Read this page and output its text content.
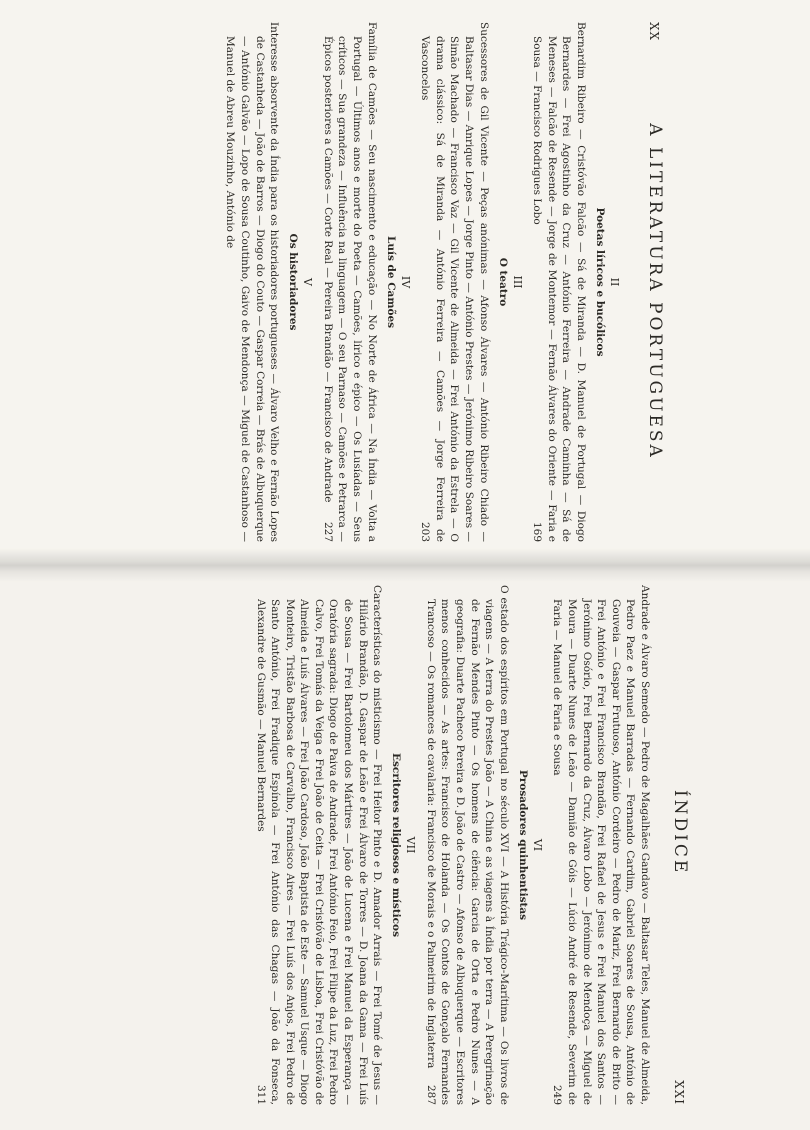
XX
A LITERATURA PORTUGUESA
II
Poetas líricos e bucólicos
Bernardim Ribeiro — Cristóvão Falcão — Sá de Miranda — D. Manuel de Portugal — Diogo Bernardes — Frei Agostinho da Cruz — António Ferreira — Andrade Caminha — Sá de Meneses — Falcão de Resende — Jorge de Montemor — Fernão Álvares do Oriente — Faria e Sousa — Francisco Rodrigues Lobo
169
III
O teatro
Sucessores de Gil Vicente — Peças anónimas — Afonso Álvares — António Ribeiro Chiado — Baltasar Dias — Anrique Lopes — Jorge Pinto — António Prestes — Jerónimo Ribeiro Soares — Simão Machado — Francisco Vaz — Gil Vicente de Almeida — Frei António da Estrela — O drama clássico: Sá de Miranda — António Ferreira — Camões — Jorge Ferreira de Vasconcelos
203
IV
Luís de Camões
Família de Camões — Seu nascimento e educação — No Norte de África — Na Índia — Volta a Portugal — Últimos anos e morte do Poeta — Camões, lírico e épico — Os Lusíadas — Seus críticos — Sua grandeza — Influência na linguagem — O seu Parnaso — Camões e Petrarca — Épicos posteriores a Camões — Corte Real — Pereira Brandão — Francisco de Andrade
227
V
Os historiadores
Interesse absorvente da Índia para os historiadores portugueses — Álvaro Velho e Fernão Lopes de Castanheda — João de Barros — Diogo do Couto — Gaspar Correia — Brás de Albuquerque — António Galvão — Lopo de Sousa Coutinho, Gaivo de Mendonça — Miguel de Castanhoso — Manuel de Abreu Mouzinho, António de
ÍNDICE
XXI
Andrade e Álvaro Semedo — Pedro de Magalhães Gandavo — Baltasar Teles, Manuel de Almeida, Pedro Paez e Manuel Barradas — Fernando Cardim, Gabriel Soares de Sousa, António de Gouveia — Gaspar Frutuoso, António Cordeiro — Pedro de Mariz, Frei Bernardo de Brito — Frei António e Frei Francisco Brandão, Frei Rafael de Jesus e Frei Manuel dos Santos — Jerónimo Osório, Frei Bernardo da Cruz, Álvaro Lobo — Jerónimo de Mendoça — Miguel de Moura — Duarte Nunes de Leão — Damião de Góis — Lúcio André de Resende, Severim de Faria — Manuel de Faria e Sousa
249
VI
Prosadores quinhentistas
O estado dos espíritos em Portugal no século XVI — A História Trágico-Marítima — Os livros de viagens — A terra do Prestes João — A China e as viagens à Índia por terra — A Peregrinação de Fernão Mendes Pinto — Os homens de ciência: Garcia de Orta e Pedro Nunes — A geografia: Duarte Pacheco Pereira e D. João de Castro — Afonso de Albuquerque — Escritores menos conhecidos — As artes: Francisco de Holanda — Os Contos de Gonçalo Fernandes Trancoso — Os romances de cavalaria: Francisco de Morais e o Palmeirim de Inglaterra
287
VII
Escritores religiosos e místicos
Características do misticismo — Frei Heitor Pinto e D. Amador Arrais — Frei Tomé de Jesus — Hilário Brandão, D. Gaspar de Leão e Frei Álvaro de Torres — D. Joana da Gama — Frei Luís de Sousa — Frei Bartolomeu dos Mártires — João de Lucena e Frei Manuel da Esperança — Oratória sagrada: Diogo de Paiva de Andrade, Frei António Feio, Frei Filipe da Luz, Frei Pedro Calvo, Frei Tomás da Veiga e Frei João de Ceita — Frei Cristóvão de Lisboa, Frei Cristóvão de Almeida e Luís Álvares — Frei João Cardoso, João Baptista de Este — Samuel Usque — Diogo Monteiro, Tristão Barbosa de Carvalho, Francisco Aires — Frei Luís dos Anjos, Frei Pedro de Santo António, Frei Fradique Espínola — Frei António das Chagas — João da Fonseca, Alexandre de Gusmão — Manuel Bernardes
311
